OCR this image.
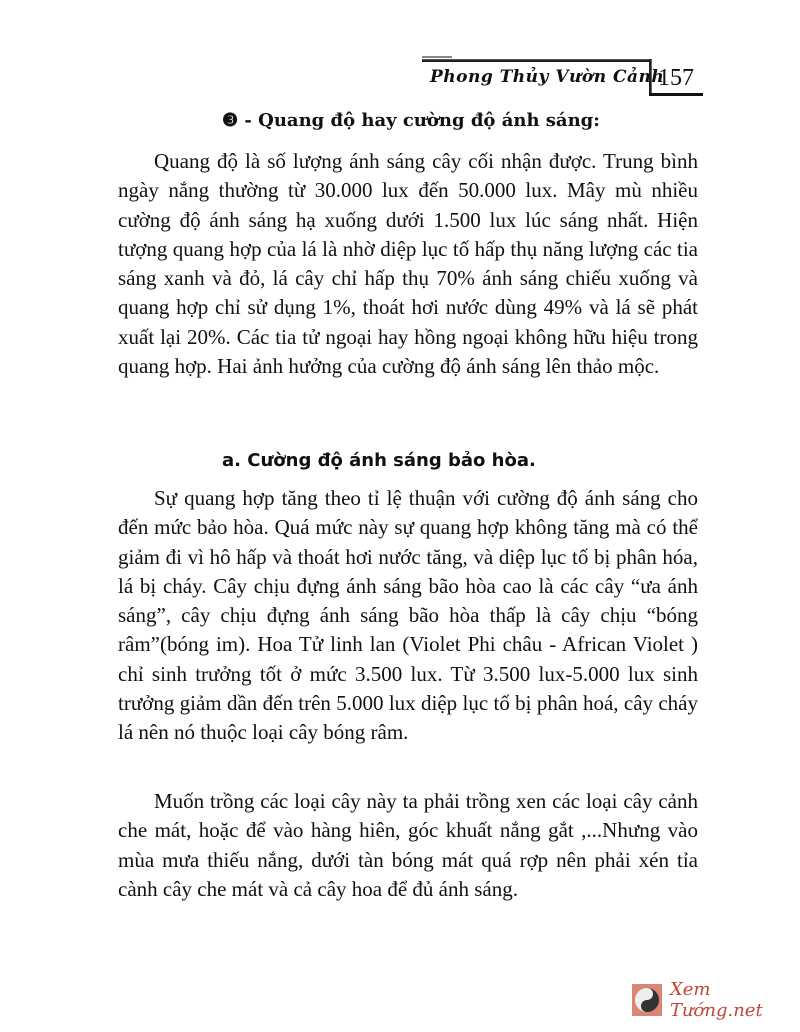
Phong Thủy Vườn Cảnh
157
❸ - Quang độ hay cường độ ánh sáng:

Quang độ là số lượng ánh sáng cây cối nhận được. Trung bình ngày nắng thường từ 30.000 lux đến 50.000 lux. Mây mù nhiều cường độ ánh sáng hạ xuống dưới 1.500 lux lúc sáng nhất. Hiện tượng quang hợp của lá là nhờ diệp lục tố hấp thụ năng lượng các tia sáng xanh và đỏ, lá cây chỉ hấp thụ 70% ánh sáng chiếu xuống và quang hợp chỉ sử dụng 1%, thoát hơi nước dùng 49% và lá sẽ phát xuất lại 20%. Các tia tử ngoại hay hồng ngoại không hữu hiệu trong quang hợp. Hai ảnh hưởng của cường độ ánh sáng lên thảo mộc.

a. Cường độ ánh sáng bảo hòa.

Sự quang hợp tăng theo tỉ lệ thuận với cường độ ánh sáng cho đến mức bảo hòa. Quá mức này sự quang hợp không tăng mà có thể giảm đi vì hô hấp và thoát hơi nước tăng, và diệp lục tố bị phân hóa, lá bị cháy. Cây chịu đựng ánh sáng bão hòa cao là các cây “ưa ánh sáng”, cây chịu đựng ánh sáng bão hòa thấp là cây chịu “bóng râm”(bóng im). Hoa Tử linh lan (Violet Phi châu - African Violet ) chỉ sinh trưởng tốt ở mức 3.500 lux. Từ 3.500 lux-5.000 lux sinh trưởng giảm dần đến trên 5.000 lux diệp lục tố bị phân hoá, cây cháy lá nên nó thuộc loại cây bóng râm.

Muốn trồng các loại cây này ta phải trồng xen các loại cây cảnh che mát, hoặc để vào hàng hiên, góc khuất nắng gắt ,...Nhưng vào mùa mưa thiếu nắng, dưới tàn bóng mát quá rợp nên phải xén tỉa cành cây che mát và cả cây hoa để đủ ánh sáng.

Xem Tướng.net
